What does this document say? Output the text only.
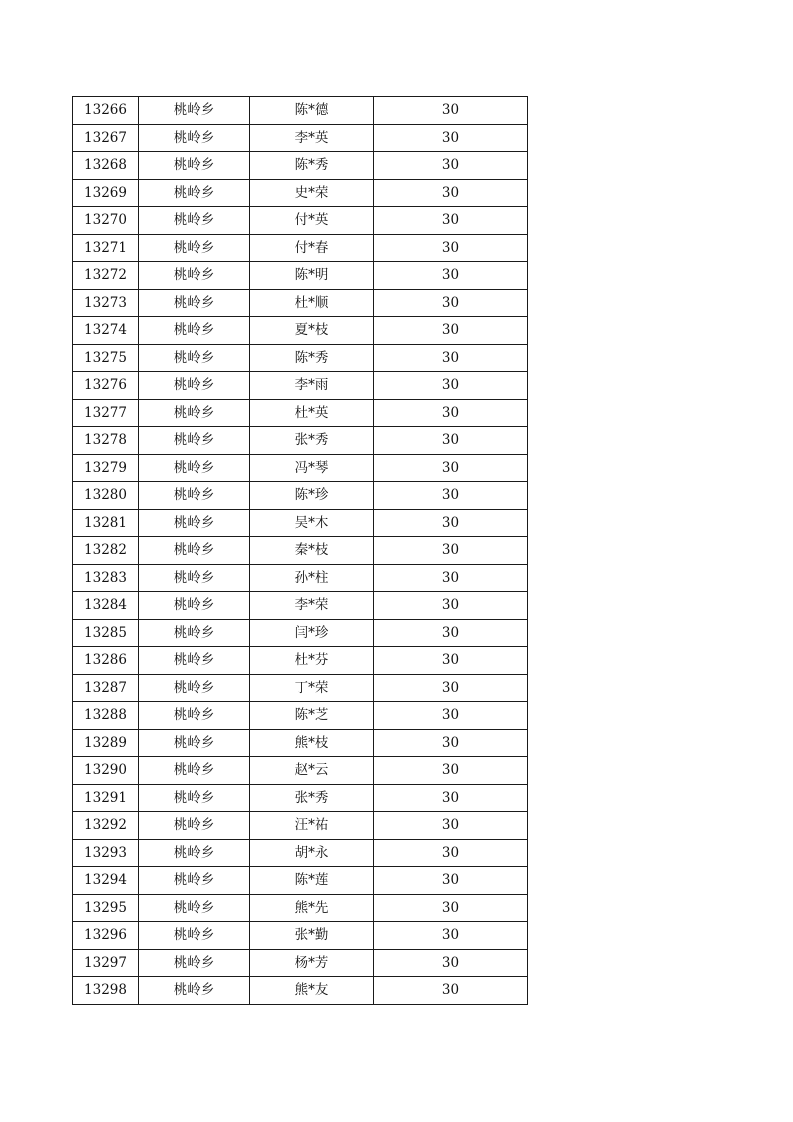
13266	桃岭乡	陈*德	30
13267	桃岭乡	李*英	30
13268	桃岭乡	陈*秀	30
13269	桃岭乡	史*荣	30
13270	桃岭乡	付*英	30
13271	桃岭乡	付*春	30
13272	桃岭乡	陈*明	30
13273	桃岭乡	杜*顺	30
13274	桃岭乡	夏*枝	30
13275	桃岭乡	陈*秀	30
13276	桃岭乡	李*雨	30
13277	桃岭乡	杜*英	30
13278	桃岭乡	张*秀	30
13279	桃岭乡	冯*琴	30
13280	桃岭乡	陈*珍	30
13281	桃岭乡	吴*木	30
13282	桃岭乡	秦*枝	30
13283	桃岭乡	孙*柱	30
13284	桃岭乡	李*荣	30
13285	桃岭乡	闫*珍	30
13286	桃岭乡	杜*芬	30
13287	桃岭乡	丁*荣	30
13288	桃岭乡	陈*芝	30
13289	桃岭乡	熊*枝	30
13290	桃岭乡	赵*云	30
13291	桃岭乡	张*秀	30
13292	桃岭乡	汪*祐	30
13293	桃岭乡	胡*永	30
13294	桃岭乡	陈*莲	30
13295	桃岭乡	熊*先	30
13296	桃岭乡	张*勤	30
13297	桃岭乡	杨*芳	30
13298	桃岭乡	熊*友	30
